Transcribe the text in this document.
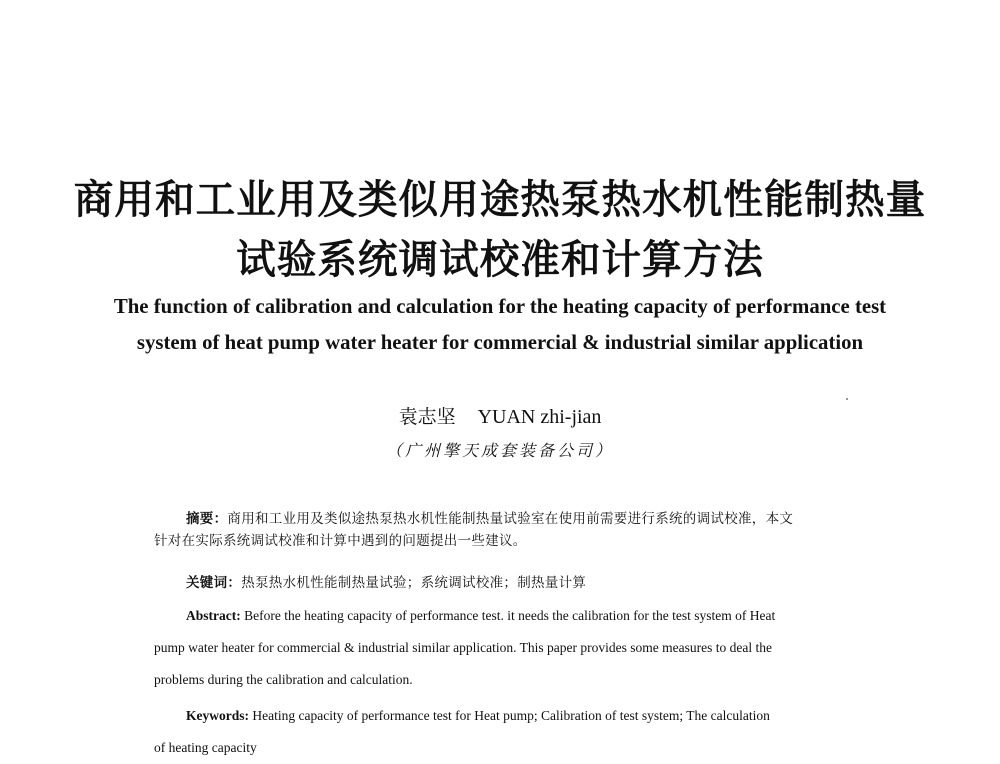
商用和工业用及类似用途热泵热水机性能制热量
试验系统调试校准和计算方法
The function of calibration and calculation for the heating capacity of performance test
system of heat pump water heater for commercial & industrial similar application
袁志坚 YUAN zhi-jian
（广州擎天成套装备公司）
摘要：商用和工业用及类似途热泵热水机性能制热量试验室在使用前需要进行系统的调试校准，本文
针对在实际系统调试校准和计算中遇到的问题提出一些建议。
关键词：热泵热水机性能制热量试验；系统调试校准；制热量计算
Abstract: Before the heating capacity of performance test. it needs the calibration for the test system of Heat
pump water heater for commercial & industrial similar application. This paper provides some measures to deal the
problems during the calibration and calculation.
Keywords: Heating capacity of performance test for Heat pump; Calibration of test system; The calculation
of heating capacity
